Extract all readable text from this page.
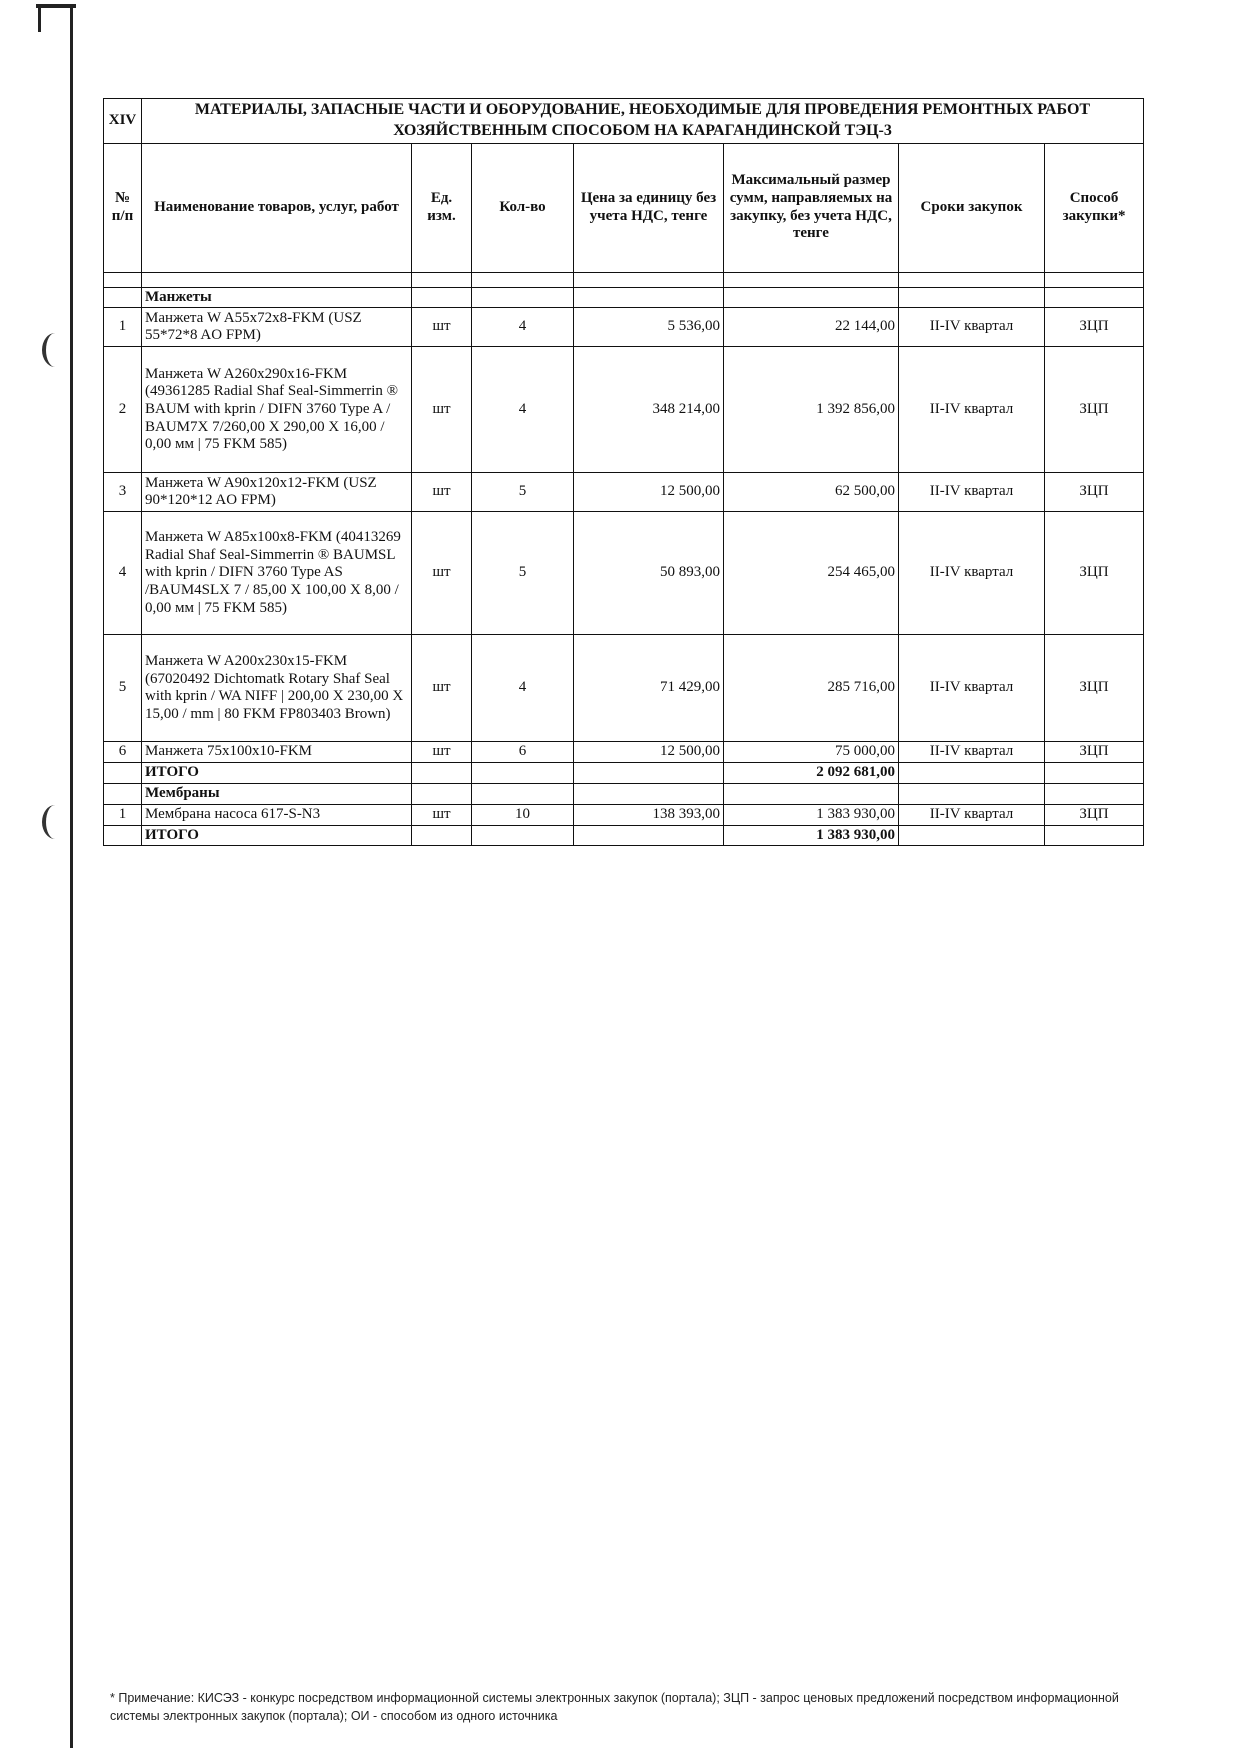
XIV	МАТЕРИАЛЫ, ЗАПАСНЫЕ ЧАСТИ И ОБОРУДОВАНИЕ, НЕОБХОДИМЫЕ ДЛЯ ПРОВЕДЕНИЯ РЕМОНТНЫХ РАБОТ ХОЗЯЙСТВЕННЫМ СПОСОБОМ НА КАРАГАНДИНСКОЙ ТЭЦ-3						
№ п/п	Наименование товаров, услуг, работ	Ед. изм.	Кол-во	Цена за единицу без учета НДС, тенге	Максимальный размер сумм, направляемых на закупку, без учета НДС, тенге	Сроки закупок	Способ закупки*

	Манжеты						
1	Манжета W A55x72x8-FKM (USZ 55*72*8 AO FPM)	шт	4	5 536,00	22 144,00	II-IV квартал	ЗЦП
2	Манжета W A260x290x16-FKM (49361285 Radial Shaf Seal-Simmerrin ® BAUM with kprin / DIFN 3760 Type A / BAUM7X 7/260,00 X 290,00 X 16,00 / 0,00 мм | 75 FKM 585)	шт	4	348 214,00	1 392 856,00	II-IV квартал	ЗЦП
3	Манжета W A90x120x12-FKM (USZ 90*120*12 AO FPM)	шт	5	12 500,00	62 500,00	II-IV квартал	ЗЦП
4	Манжета W A85x100x8-FKM (40413269 Radial Shaf Seal-Simmerrin ® BAUMSL with kprin / DIFN 3760 Type AS /BAUM4SLX 7 / 85,00 X 100,00 X 8,00 / 0,00 мм | 75 FKM 585)	шт	5	50 893,00	254 465,00	II-IV квартал	ЗЦП
5	Манжета W A200x230x15-FKM (67020492 Dichtomatk Rotary Shaf Seal with kprin / WA NIFF | 200,00 X 230,00 X 15,00 / mm | 80 FKM FP803403 Brown)	шт	4	71 429,00	285 716,00	II-IV квартал	ЗЦП
6	Манжета 75x100x10-FKM	шт	6	12 500,00	75 000,00	II-IV квартал	ЗЦП
	ИТОГО				2 092 681,00		
	Мембраны						
1	Мембрана насоса 617-S-N3	шт	10	138 393,00	1 383 930,00	II-IV квартал	ЗЦП
	ИТОГО				1 383 930,00		
* Примечание: КИСЭЗ - конкурс посредством информационной системы электронных закупок (портала); ЗЦП - запрос ценовых предложений посредством информационной системы электронных закупок (портала); ОИ - способом из одного источника
